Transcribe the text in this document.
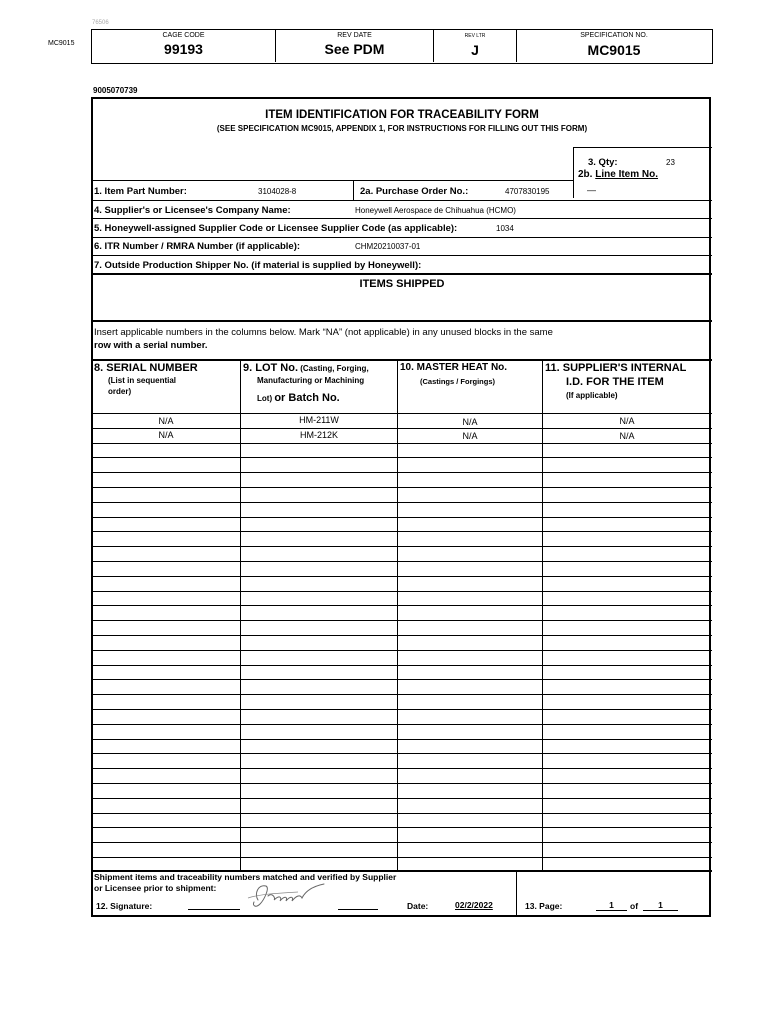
76506
MC9015
CAGE CODE
99193
REV DATE
See PDM
REV LTR
J
SPECIFICATION NO.
MC9015
9005070739
ITEM IDENTIFICATION FOR TRACEABILITY FORM
(SEE SPECIFICATION MC9015, APPENDIX 1, FOR INSTRUCTIONS FOR FILLING OUT THIS FORM)
3. Qty:	23
2b. Line Item No.
—
1. Item Part Number:	3104028-8	2a. Purchase Order No.:	4707830195
4. Supplier's or Licensee's Company Name:	Honeywell Aerospace de Chihuahua (HCMO)
5. Honeywell-assigned Supplier Code or Licensee Supplier Code (as applicable):	1034
6. ITR Number / RMRA Number (if applicable):	CHM20210037-01
7. Outside Production Shipper No. (if material is supplied by Honeywell):
ITEMS SHIPPED
Insert applicable numbers in the columns below. Mark “NA” (not applicable) in any unused blocks in the same
row with a serial number.
8. SERIAL NUMBER
(List in sequential
order)
9. LOT No. (Casting, Forging,
Manufacturing or Machining
Lot) or Batch No.
10. MASTER HEAT No.
(Castings / Forgings)
11. SUPPLIER'S INTERNAL
I.D. FOR THE ITEM
(If applicable)
N/A	HM-211W	N/A	N/A
N/A	HM-212K	N/A	N/A
Shipment items and traceability numbers matched and verified by Supplier
or Licensee prior to shipment:
12. Signature:	Date:	02/2/2022	13. Page:	1	of	1
